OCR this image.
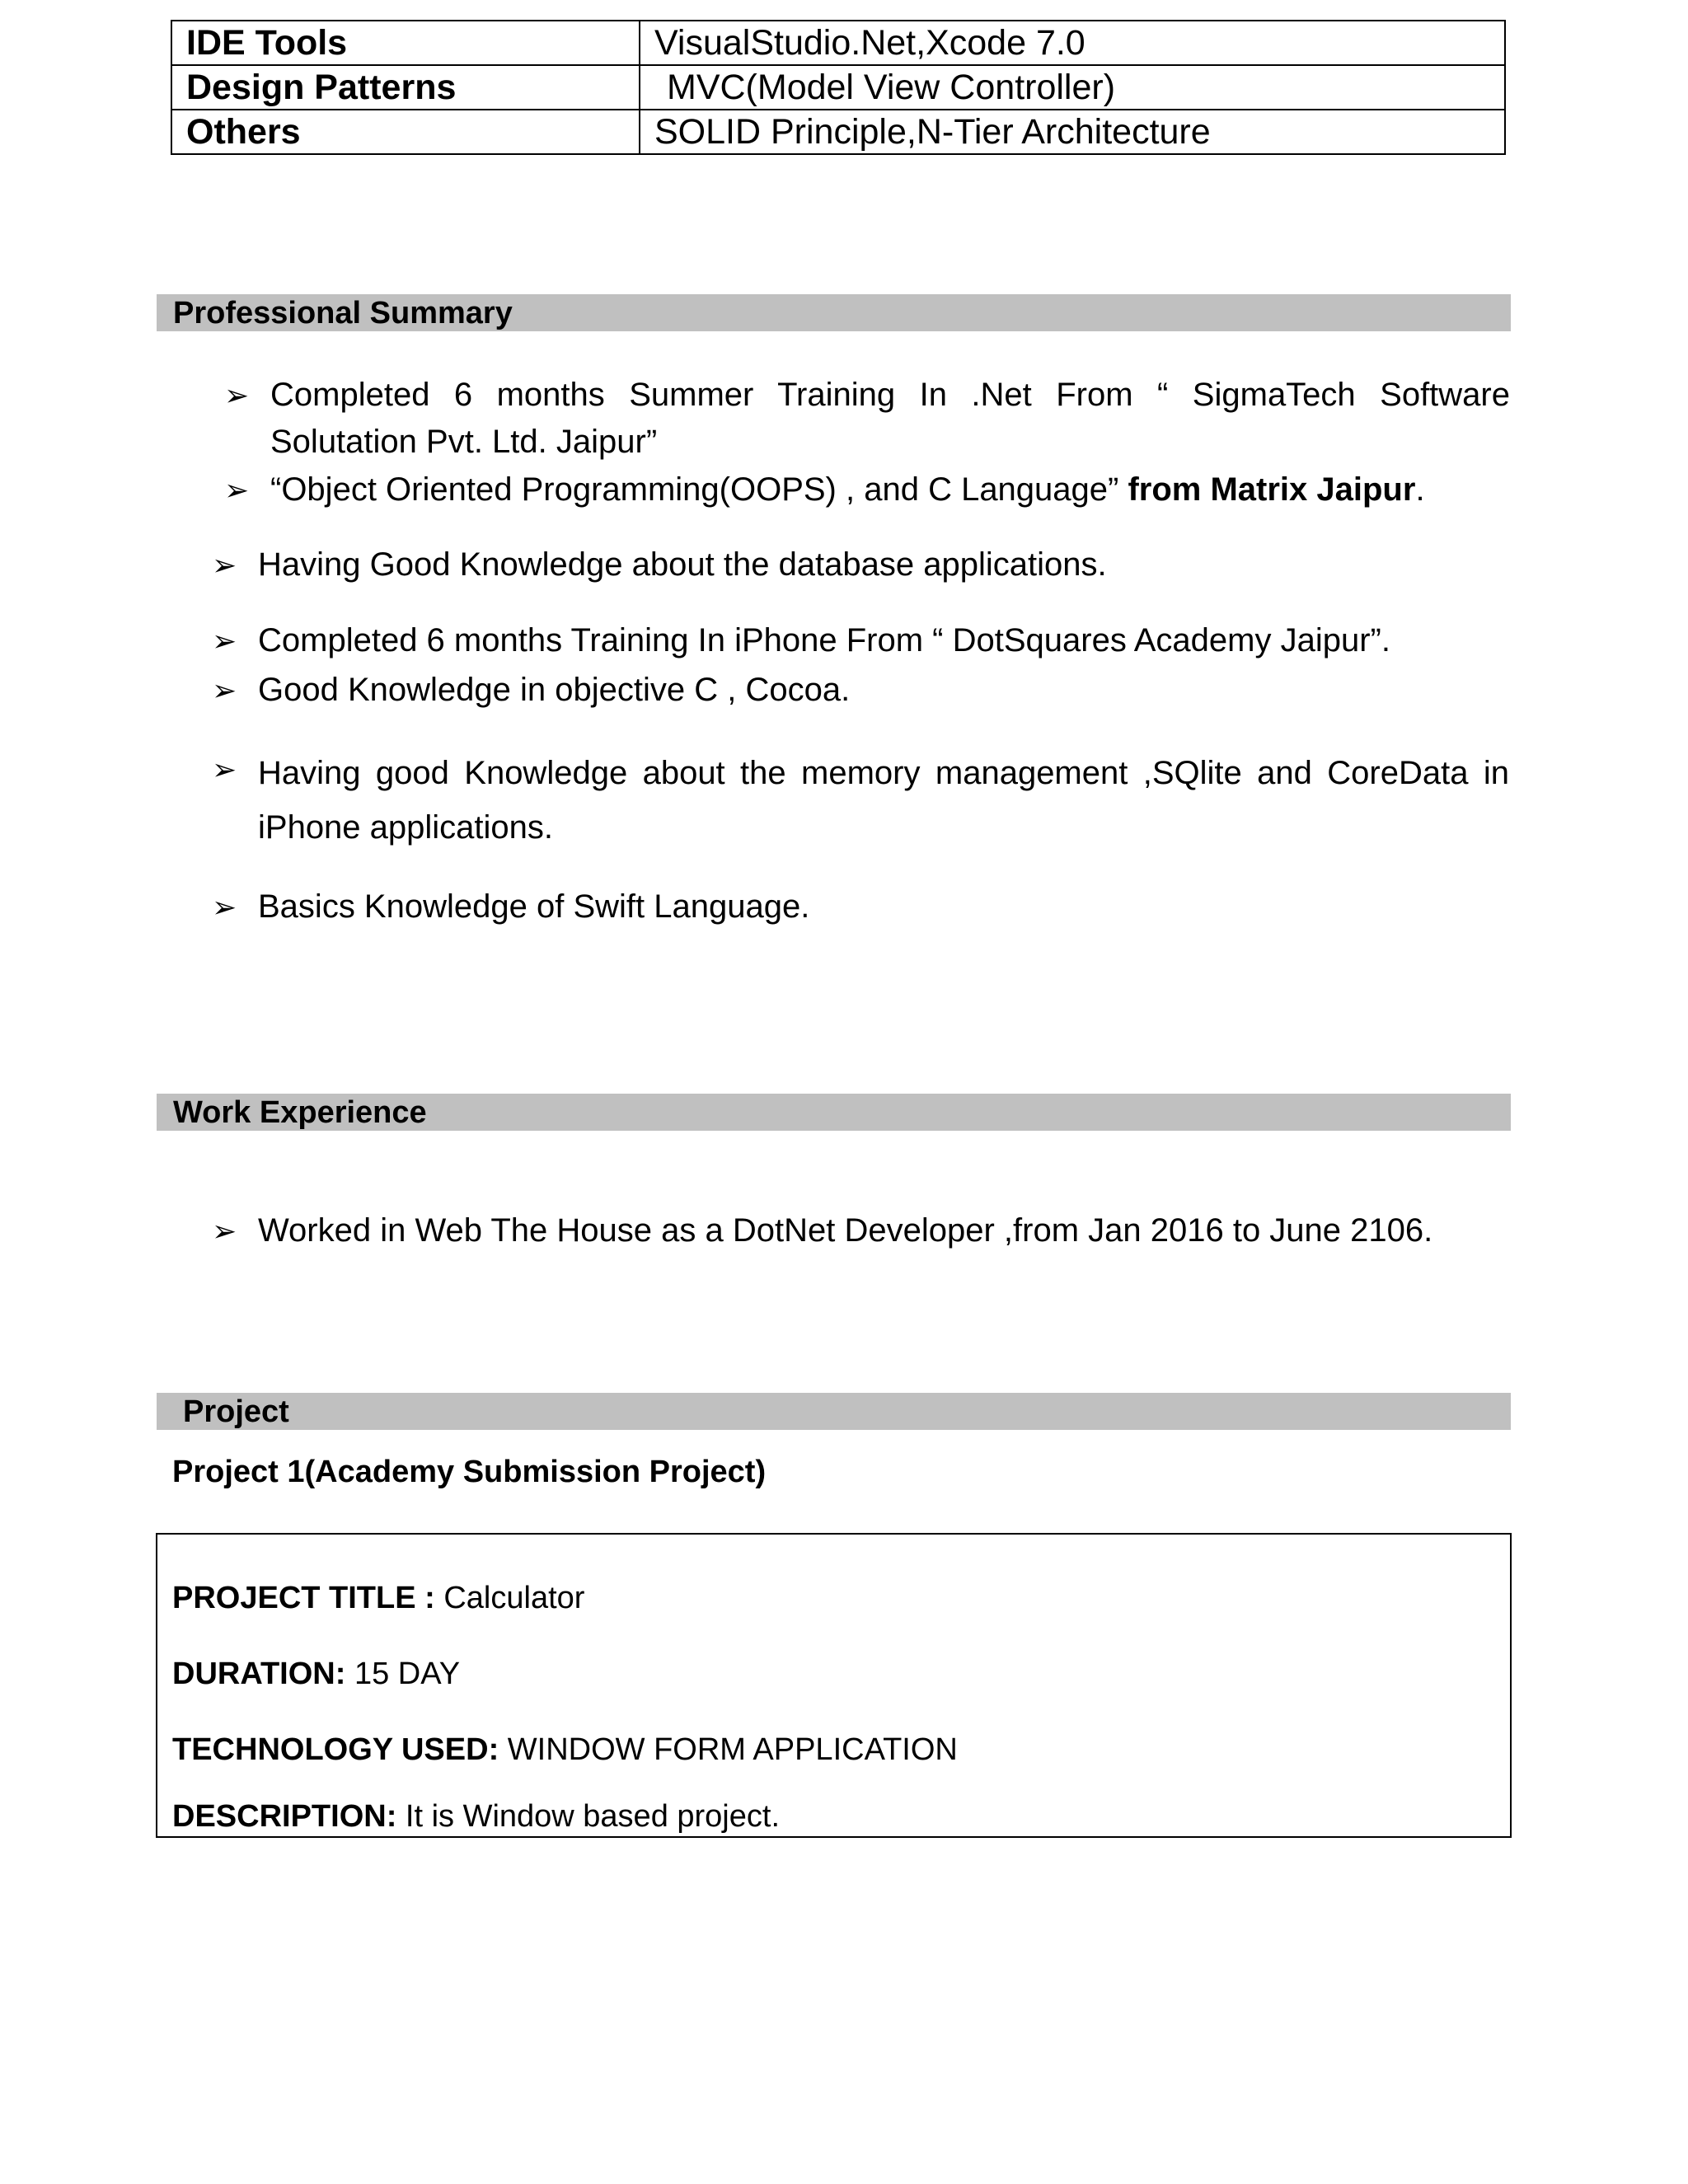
IDE Tools	VisualStudio.Net,Xcode 7.0
Design Patterns	MVC(Model View Controller)
Others	SOLID Principle,N-Tier Architecture
Professional Summary
➢ Completed 6 months Summer Training In .Net From “ SigmaTech Software Solutation Pvt. Ltd. Jaipur”
➢ “Object Oriented Programming(OOPS) , and C Language” from Matrix Jaipur.
➢ Having Good Knowledge about the database applications.
➢ Completed 6 months Training In iPhone From “ DotSquares Academy Jaipur”.
➢ Good Knowledge in objective C , Cocoa.
➢ Having good Knowledge about the memory management ,SQlite and CoreData in iPhone applications.
➢ Basics Knowledge of Swift Language.
Work Experience
➢ Worked in Web The House as a DotNet Developer ,from Jan 2016 to June 2106.
Project
Project 1(Academy Submission Project)
PROJECT TITLE : Calculator
DURATION: 15 DAY
TECHNOLOGY USED: WINDOW FORM APPLICATION
DESCRIPTION: It is Window based project.
